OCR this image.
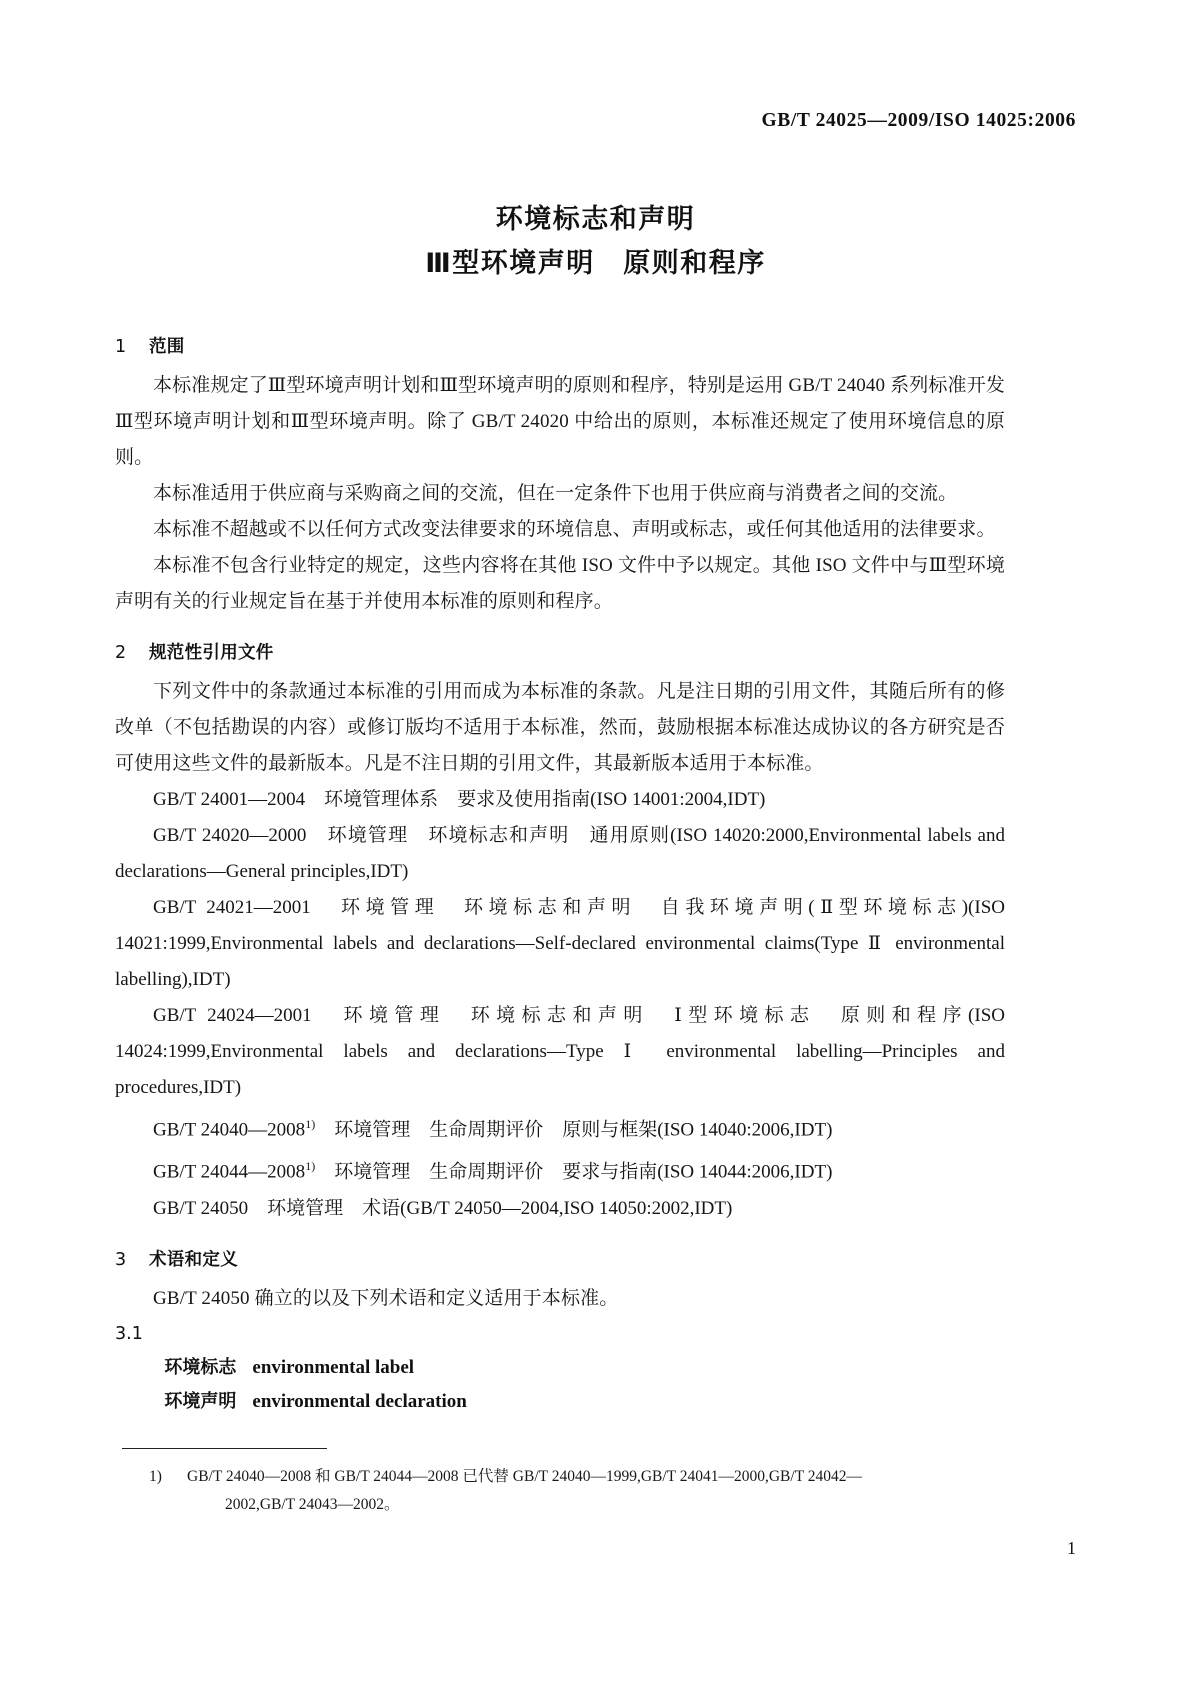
GB/T 24025—2009/ISO 14025:2006
环境标志和声明
Ⅲ型环境声明　原则和程序
1 范围

本标准规定了Ⅲ型环境声明计划和Ⅲ型环境声明的原则和程序，特别是运用 GB/T 24040 系列标准开发Ⅲ型环境声明计划和Ⅲ型环境声明。除了 GB/T 24020 中给出的原则，本标准还规定了使用环境信息的原则。

本标准适用于供应商与采购商之间的交流，但在一定条件下也用于供应商与消费者之间的交流。

本标准不超越或不以任何方式改变法律要求的环境信息、声明或标志，或任何其他适用的法律要求。

本标准不包含行业特定的规定，这些内容将在其他 ISO 文件中予以规定。其他 ISO 文件中与Ⅲ型环境声明有关的行业规定旨在基于并使用本标准的原则和程序。

2 规范性引用文件

下列文件中的条款通过本标准的引用而成为本标准的条款。凡是注日期的引用文件，其随后所有的修改单（不包括勘误的内容）或修订版均不适用于本标准，然而，鼓励根据本标准达成协议的各方研究是否可使用这些文件的最新版本。凡是不注日期的引用文件，其最新版本适用于本标准。

GB/T 24001—2004　环境管理体系　要求及使用指南(ISO 14001:2004,IDT)

GB/T 24020—2000　环境管理　环境标志和声明　通用原则(ISO 14020:2000,Environmental labels and declarations—General principles,IDT)

GB/T 24021—2001　环境管理　环境标志和声明　自我环境声明(Ⅱ型环境标志)(ISO 14021:1999,Environmental labels and declarations—Self-declared environmental claims(Type Ⅱ environmental labelling),IDT)

GB/T 24024—2001　环境管理　环境标志和声明　Ⅰ型环境标志　原则和程序(ISO 14024:1999,Environmental labels and declarations—Type Ⅰ environmental labelling—Principles and procedures,IDT)

GB/T 24040—2008$^{1)}$　环境管理　生命周期评价　原则与框架(ISO 14040:2006,IDT)

GB/T 24044—2008$^{1)}$　环境管理　生命周期评价　要求与指南(ISO 14044:2006,IDT)

GB/T 24050　环境管理　术语(GB/T 24050—2004,ISO 14050:2002,IDT)

3 术语和定义

GB/T 24050 确立的以及下列术语和定义适用于本标准。

3.1

环境标志 environmental label

环境声明 environmental declaration

1) GB/T 24040—2008 和 GB/T 24044—2008 已代替 GB/T 24040—1999,GB/T 24041—2000,GB/T 24042—
2002,GB/T 24043—2002。

1
